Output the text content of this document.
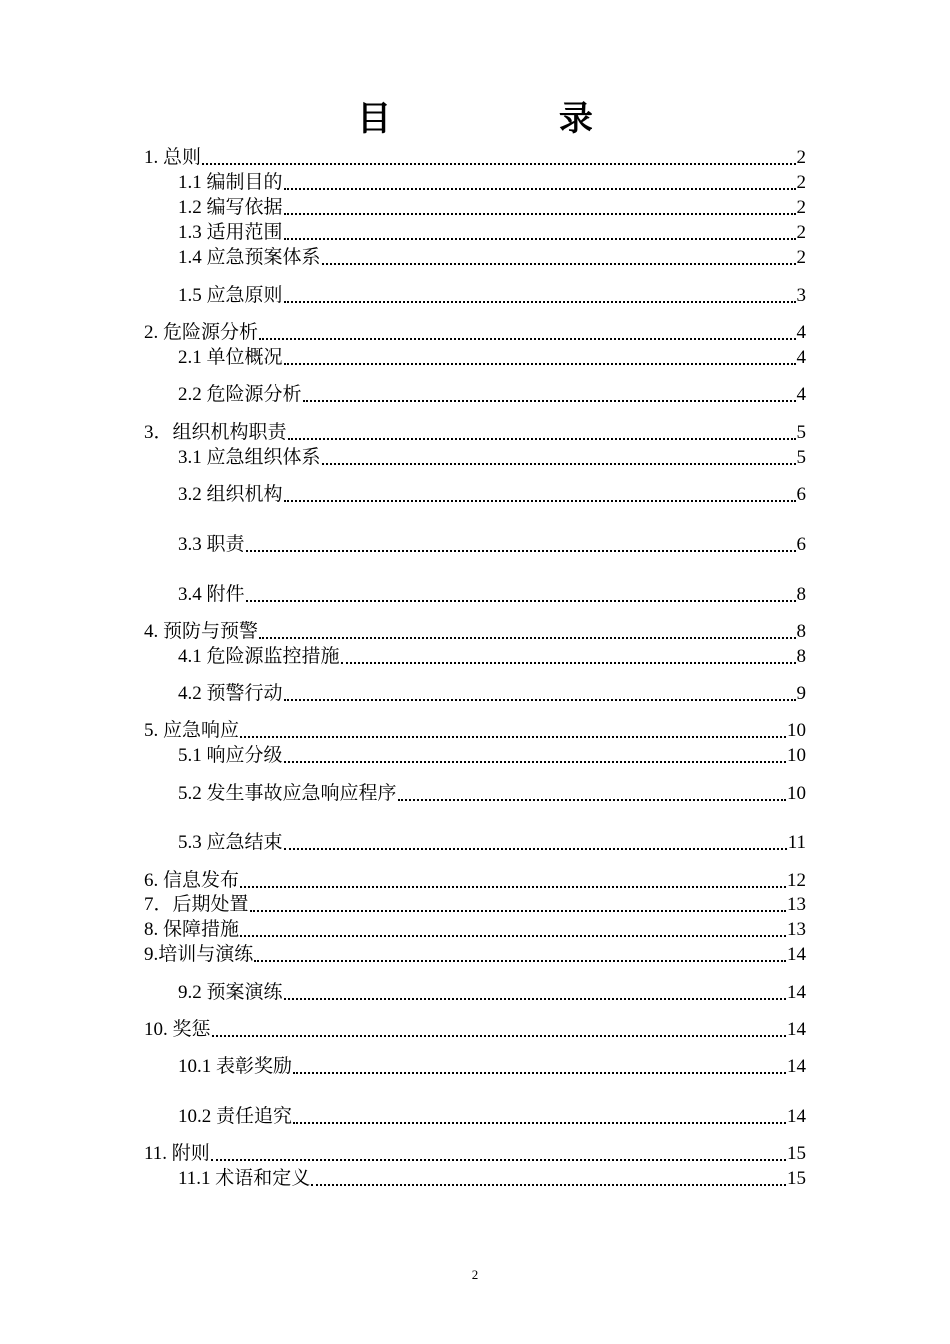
目 录
1. 总则	2
1.1 编制目的	2
1.2 编写依据	2
1.3 适用范围	2
1.4 应急预案体系	2
1.5 应急原则	3
2. 危险源分析	4
2.1 单位概况	4
2.2 危险源分析	4
3．组织机构职责	5
3.1 应急组织体系	5
3.2 组织机构	6
3.3 职责	6
3.4 附件	8
4. 预防与预警	8
4.1 危险源监控措施	8
4.2 预警行动	9
5. 应急响应	10
5.1 响应分级	10
5.2 发生事故应急响应程序	10
5.3 应急结束	11
6. 信息发布	12
7．后期处置	13
8. 保障措施	13
9.培训与演练	14
9.2 预案演练	14
10. 奖惩	14
10.1 表彰奖励	14
10.2 责任追究	14
11. 附则	15
11.1 术语和定义	15
2
